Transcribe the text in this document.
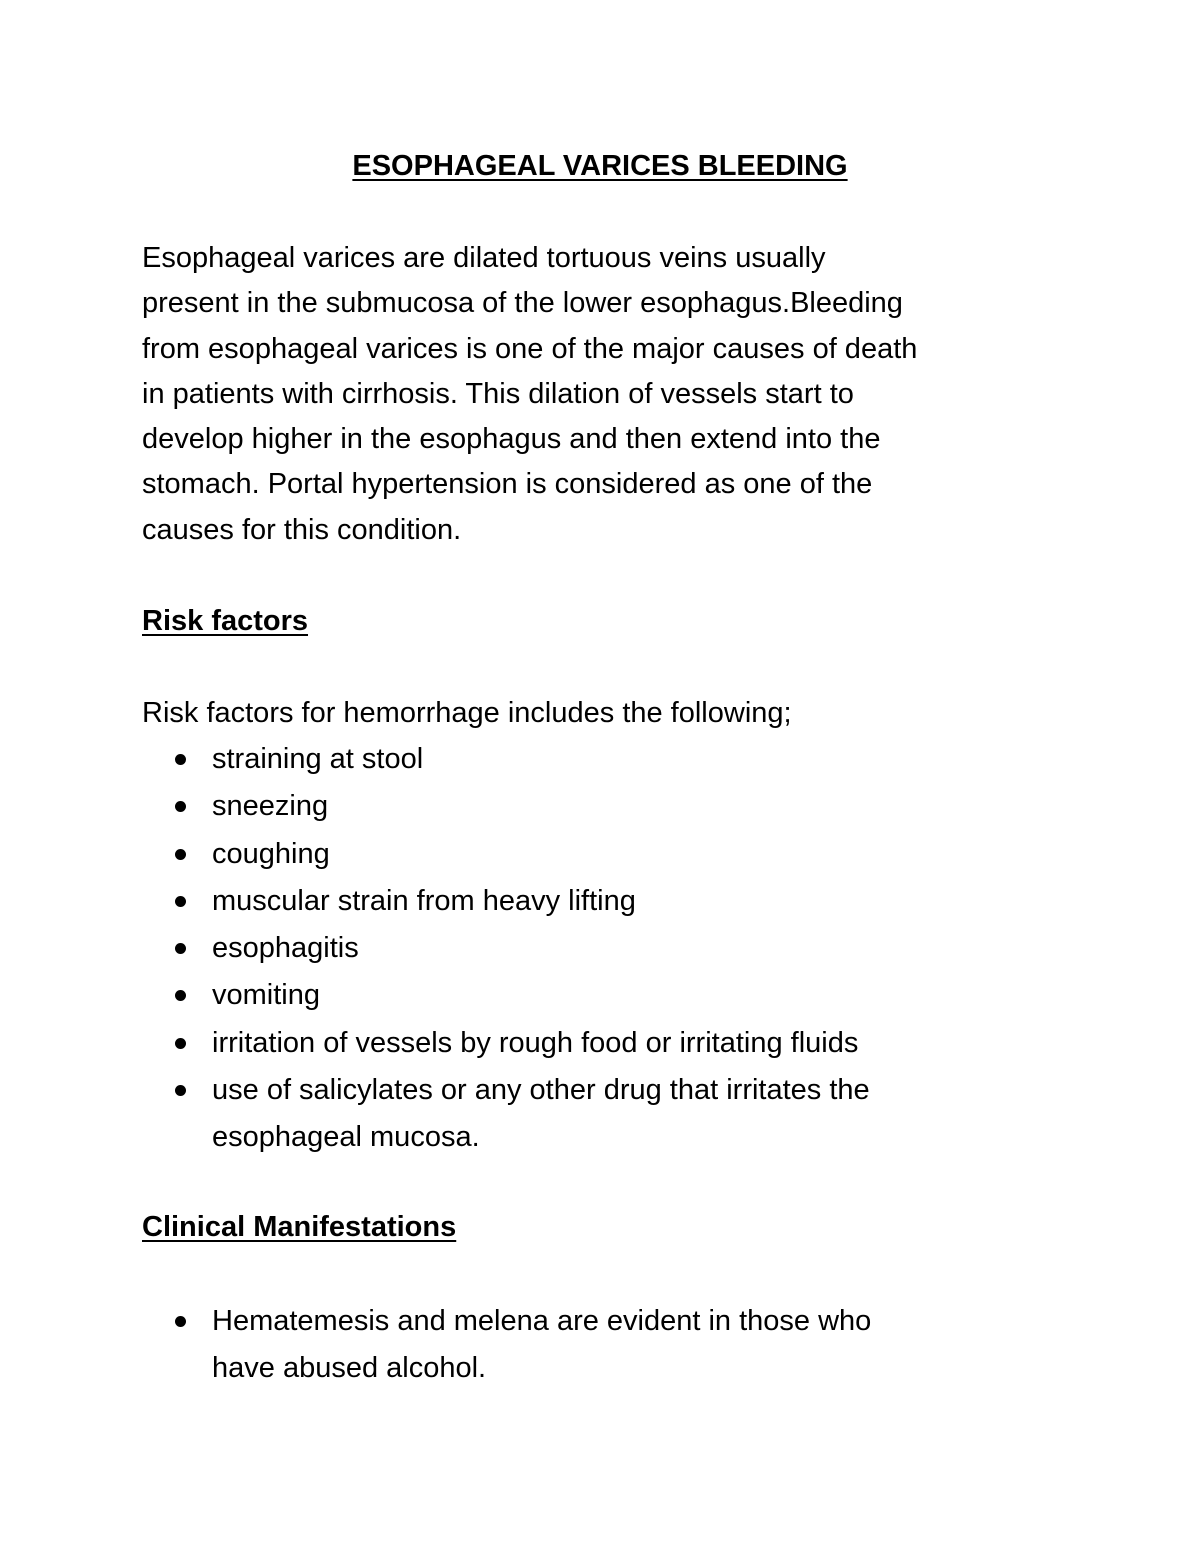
ESOPHAGEAL VARICES BLEEDING

Esophageal varices are dilated tortuous veins usually
present in the submucosa of the lower esophagus.Bleeding
from esophageal varices is one of the major causes of death
in patients with cirrhosis. This dilation of vessels start to
develop higher in the esophagus and then extend into the
stomach. Portal hypertension is considered as one of the
causes for this condition.

Risk factors

Risk factors for hemorrhage includes the following;

straining at stool
sneezing
coughing
muscular strain from heavy lifting
esophagitis
vomiting
irritation of vessels by rough food or irritating fluids
use of salicylates or any other drug that irritates the
esophageal mucosa.
Clinical Manifestations
Hematemesis and melena are evident in those who
have abused alcohol.
